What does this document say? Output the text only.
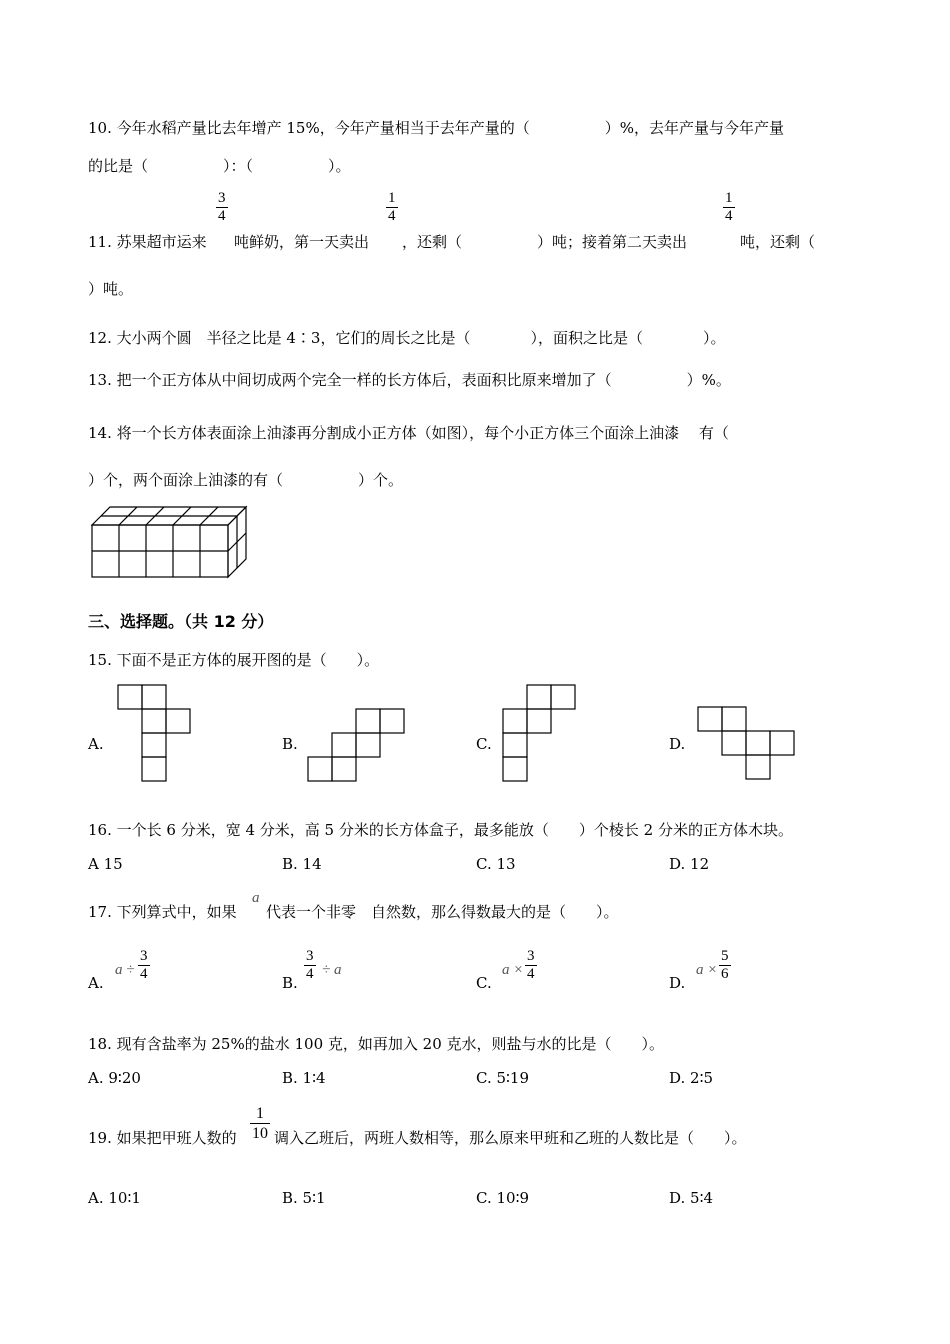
10. 今年水稻产量比去年增产 15%，今年产量相当于去年产量的（　　　　　）%，去年产量与今年产量
的比是（　　　　　）：（　　　　　）。
11. 苏果超市运来
$\frac{3}{4}$
吨鲜奶，第一天卖出
$\frac{1}{4}$
，还剩（　　　　　）吨；接着第二天卖出
$\frac{1}{4}$
吨，还剩（
）吨。
12. 大小两个圆　半径之比是 4∶3，它们的周长之比是（　　　　），面积之比是（　　　　）。
13. 把一个正方体从中间切成两个完全一样的长方体后，表面积比原来增加了（　　　　　）%。
14. 将一个长方体表面涂上油漆再分割成小正方体（如图），每个小正方体三个面涂上油漆　 有（
）个，两个面涂上油漆的有（　　　　　）个。
三、选择题。（共 12 分）
15. 下面不是正方体的展开图的是（　　）。
A.	B.	C.	D.
16. 一个长 6 分米，宽 4 分米，高 5 分米的长方体盒子，最多能放（　　）个棱长 2 分米的正方体木块。
A 15	B. 14	C. 13	D. 12
17. 下列算式中，如果
a
代表一个非零　自然数，那么得数最大的是（　　）。
A.
$a \div \frac{3}{4}$	B. $\frac{3}{4} \div a$
C.
$a \times \frac{3}{4}$	D.
$a \times \frac{5}{6}$
18. 现有含盐率为 25%的盐水 100 克，如再加入 20 克水，则盐与水的比是（　　）。
A. 9∶20	B. 1∶4	C. 5∶19	D. 2∶5
19. 如果把甲班人数的 $\frac{1}{10}$ 调入乙班后，两班人数相等，那么原来甲班和乙班的人数比是（　　）。
A. 10∶1	B. 5∶1	C. 10∶9	D. 5∶4
